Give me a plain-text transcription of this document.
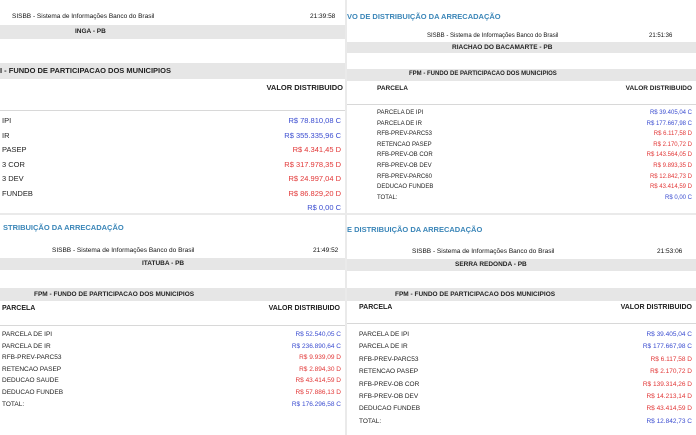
SISBB - Sistema de Informações Banco do Brasil	21:39:58
INGA - PB
I - FUNDO DE PARTICIPACAO DOS MUNICIPIOS
VALOR DISTRIBUIDO
IPI	R$ 78.810,08 C
IR	R$ 355.335,96 C
PASEP	R$ 4.341,45 D
3 COR	R$ 317.978,35 D
3 DEV	R$ 24.997,04 D
FUNDEB	R$ 86.829,20 D
R$ 0,00 C
VO DE DISTRIBUIÇÃO DA ARRECADAÇÃO
SISBB - Sistema de Informações Banco do Brasil	21:51:36
RIACHAO DO BACAMARTE - PB
FPM - FUNDO DE PARTICIPACAO DOS MUNICIPIOS
PARCELA	VALOR DISTRIBUIDO
PARCELA DE IPI	R$ 39.405,04 C
PARCELA DE IR	R$ 177.667,98 C
RFB-PREV-PARC53	R$ 6.117,58 D
RETENCAO PASEP	R$ 2.170,72 D
RFB-PREV-OB COR	R$ 143.564,05 D
RFB-PREV-OB DEV	R$ 9.893,35 D
RFB-PREV-PARC60	R$ 12.842,73 D
DEDUCAO FUNDEB	R$ 43.414,59 D
TOTAL:	R$ 0,00 C
STRIBUIÇÃO DA ARRECADAÇÃO
SISBB - Sistema de Informações Banco do Brasil	21:49:52
ITATUBA - PB
FPM - FUNDO DE PARTICIPACAO DOS MUNICIPIOS
PARCELA	VALOR DISTRIBUIDO
PARCELA DE IPI	R$ 52.540,05 C
PARCELA DE IR	R$ 236.890,64 C
RFB-PREV-PARC53	R$ 9.939,09 D
RETENCAO PASEP	R$ 2.894,30 D
DEDUCAO SAUDE	R$ 43.414,59 D
DEDUCAO FUNDEB	R$ 57.886,13 D
TOTAL:	R$ 176.296,58 C
E DISTRIBUIÇÃO DA ARRECADAÇÃO
SISBB - Sistema de Informações Banco do Brasil	21:53:06
SERRA REDONDA - PB
FPM - FUNDO DE PARTICIPACAO DOS MUNICIPIOS
PARCELA	VALOR DISTRIBUIDO
PARCELA DE IPI	R$ 39.405,04 C
PARCELA DE IR	R$ 177.667,98 C
RFB-PREV-PARC53	R$ 6.117,58 D
RETENCAO PASEP	R$ 2.170,72 D
RFB-PREV-OB COR	R$ 139.314,26 D
RFB-PREV-OB DEV	R$ 14.213,14 D
DEDUCAO FUNDEB	R$ 43.414,59 D
TOTAL:	R$ 12.842,73 C
